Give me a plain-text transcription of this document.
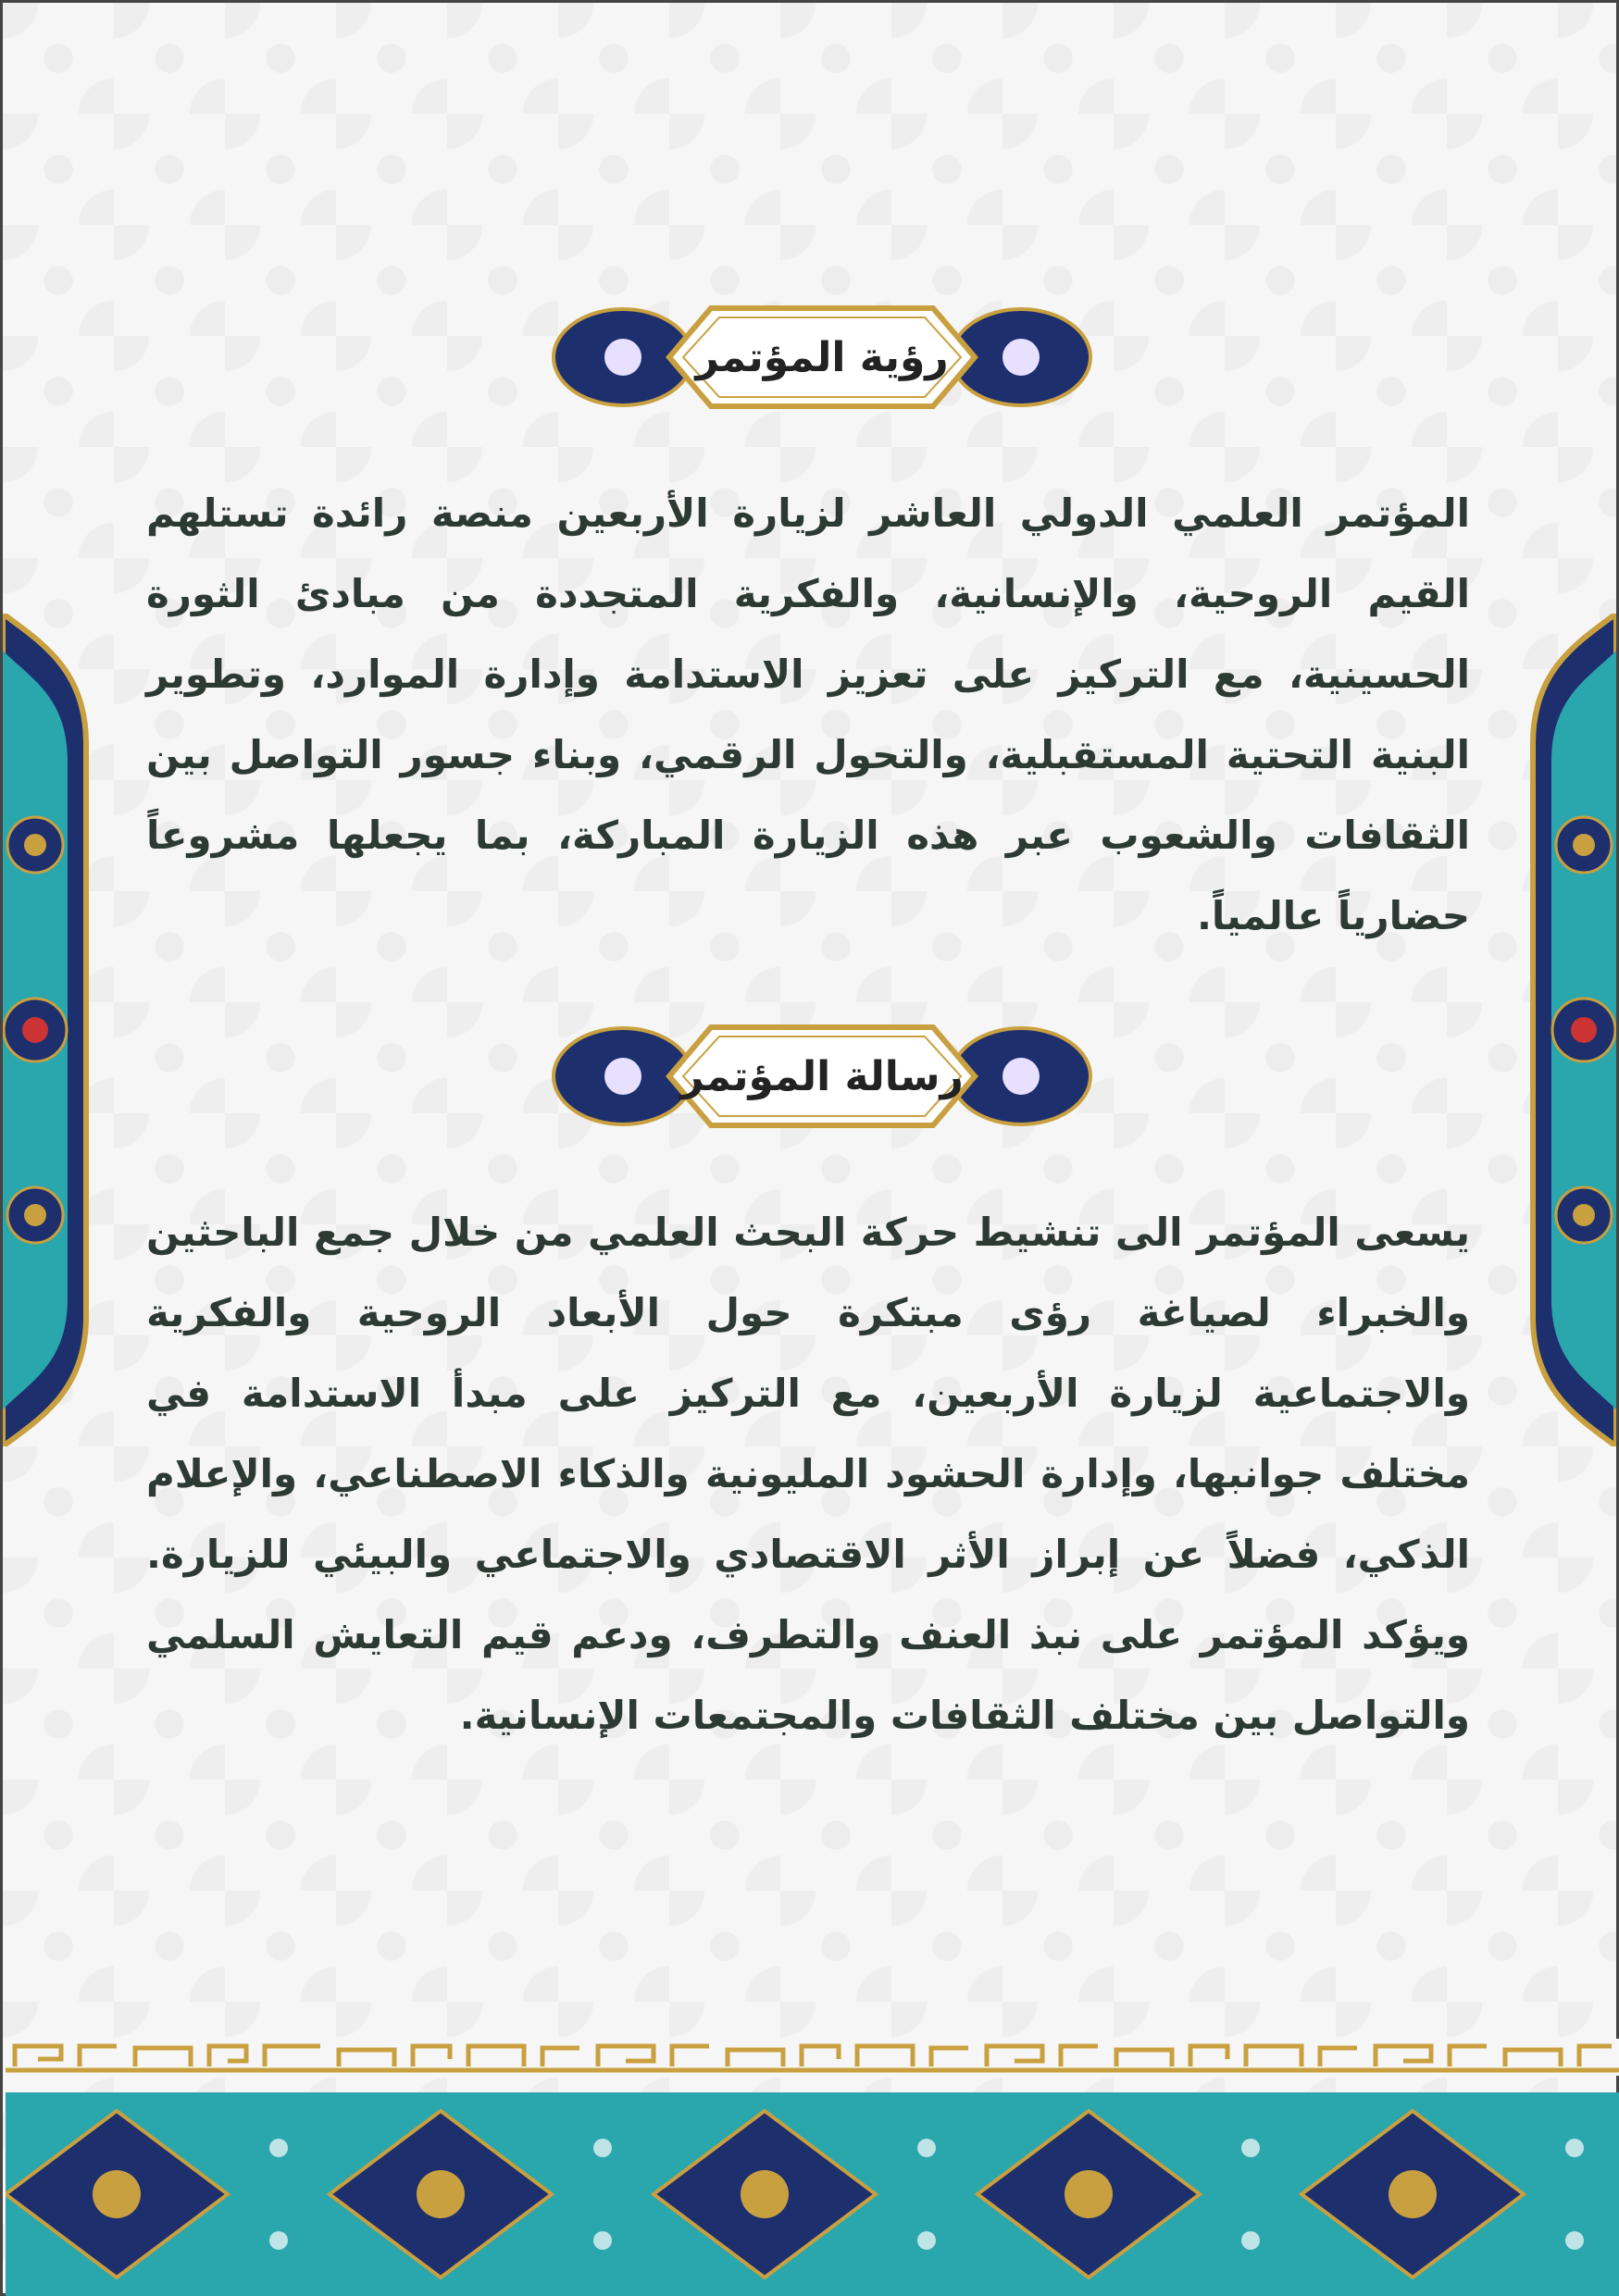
رؤية المؤتمر

المؤتمر العلمي الدولي العاشر لزيارة الأربعين منصة رائدة تستلهم القيم الروحية، والإنسانية، والفكرية المتجددة من مبادئ الثورة الحسينية، مع التركيز على تعزيز الاستدامة وإدارة الموارد، وتطوير البنية التحتية المستقبلية، والتحول الرقمي، وبناء جسور التواصل بين الثقافات والشعوب عبر هذه الزيارة المباركة، بما يجعلها مشروعاً حضارياً عالمياً.

رسالة المؤتمر

يسعى المؤتمر الى تنشيط حركة البحث العلمي من خلال جمع الباحثين والخبراء لصياغة رؤى مبتكرة حول الأبعاد الروحية والفكرية والاجتماعية لزيارة الأربعين، مع التركيز على مبدأ الاستدامة في مختلف جوانبها، وإدارة الحشود المليونية والذكاء الاصطناعي، والإعلام الذكي، فضلاً عن إبراز الأثر الاقتصادي والاجتماعي والبيئي للزيارة. ويؤكد المؤتمر على نبذ العنف والتطرف، ودعم قيم التعايش السلمي والتواصل بين مختلف الثقافات والمجتمعات الإنسانية.
